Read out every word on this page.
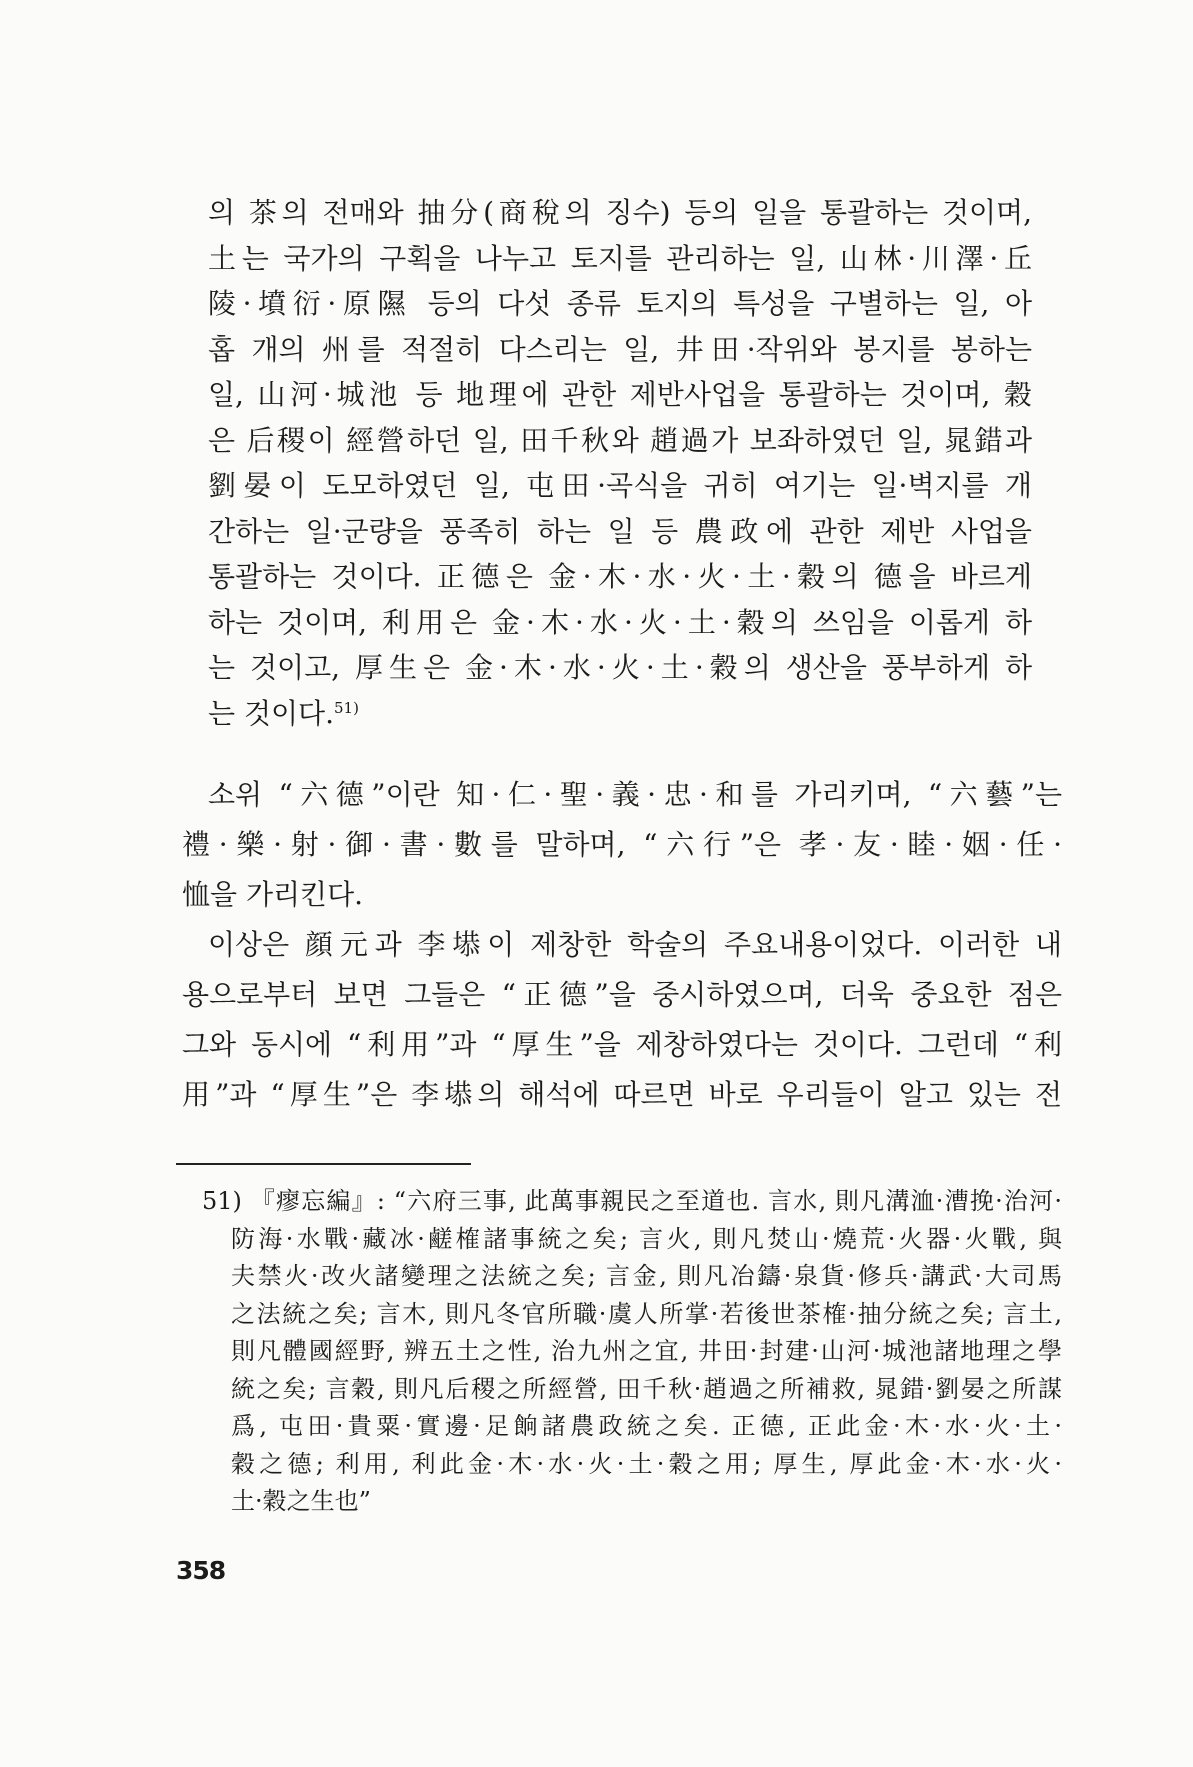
의 茶의 전매와 抽分(商稅의 징수) 등의 일을 통괄하는 것이며,
土는 국가의 구획을 나누고 토지를 관리하는 일, 山林·川澤·丘
陵·墳衍·原隰 등의 다섯 종류 토지의 특성을 구별하는 일, 아
홉 개의 州를 적절히 다스리는 일, 井田·작위와 봉지를 봉하는
일, 山河·城池 등 地理에 관한 제반사업을 통괄하는 것이며, 穀
은 后稷이 經營하던 일, 田千秋와 趙過가 보좌하였던 일, 晁錯과
劉晏이 도모하였던 일, 屯田·곡식을 귀히 여기는 일·벽지를 개
간하는 일·군량을 풍족히 하는 일 등 農政에 관한 제반 사업을
통괄하는 것이다. 正德은 金·木·水·火·土·穀의 德을 바르게
하는 것이며, 利用은 金·木·水·火·土·穀의 쓰임을 이롭게 하
는 것이고, 厚生은 金·木·水·火·土·穀의 생산을 풍부하게 하
는 것이다.$^{51)}$
소위 “六德”이란 知·仁·聖·義·忠·和를 가리키며, “六藝”는
禮·樂·射·御·書·數를 말하며, “六行”은 孝·友·睦·姻·任·
恤을 가리킨다.
이상은 顔元과 李塨이 제창한 학술의 주요내용이었다. 이러한 내
용으로부터 보면 그들은 “正德”을 중시하였으며, 더욱 중요한 점은
그와 동시에 “利用”과 “厚生”을 제창하였다는 것이다. 그런데 “利
用”과 “厚生”은 李塨의 해석에 따르면 바로 우리들이 알고 있는 전
51) 『瘳忘編』: “六府三事, 此萬事親民之至道也. 言水, 則凡溝洫·漕挽·治河·
防海·水戰·藏冰·鹺榷諸事統之矣; 言火, 則凡焚山·燒荒·火器·火戰, 與
夫禁火·改火諸變理之法統之矣; 言金, 則凡冶鑄·泉貨·修兵·講武·大司馬
之法統之矣; 言木, 則凡冬官所職·虞人所掌·若後世茶榷·抽分統之矣; 言土,
則凡體國經野, 辨五土之性, 治九州之宜, 井田·封建·山河·城池諸地理之學
統之矣; 言穀, 則凡后稷之所經營, 田千秋·趙過之所補救, 晁錯·劉晏之所謀
爲, 屯田·貴粟·實邊·足餉諸農政統之矣. 正德, 正此金·木·水·火·土·
穀之德; 利用, 利此金·木·水·火·土·穀之用; 厚生, 厚此金·木·水·火·
土·穀之生也”
358
